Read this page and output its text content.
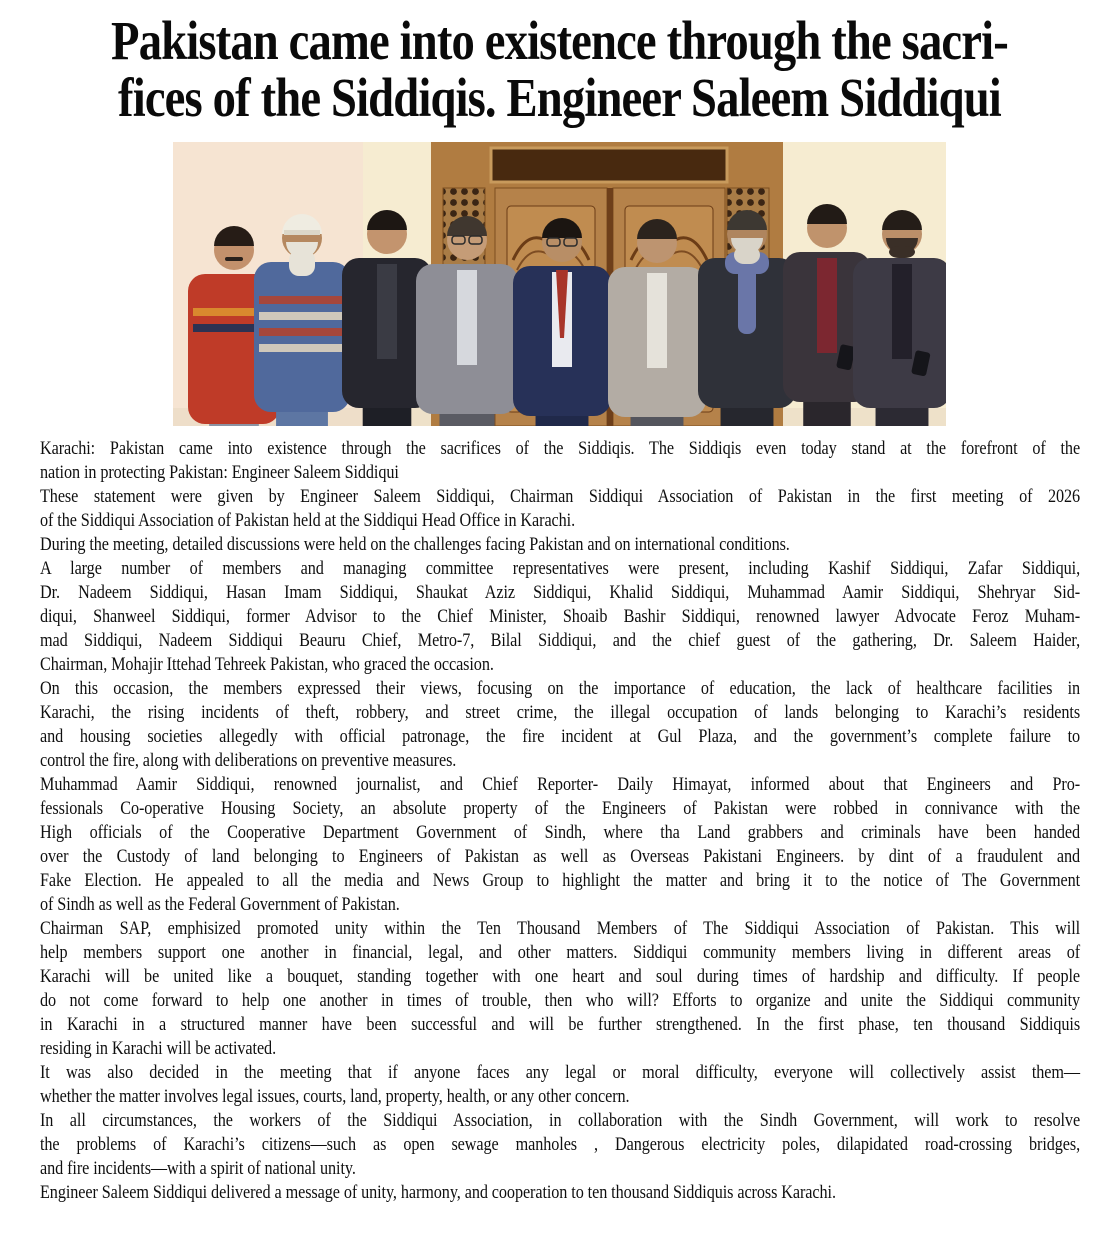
Pakistan came into existence through the sacri-
fices of the Siddiqis. Engineer Saleem Siddiqui
Karachi: Pakistan came into existence through the sacrifices of the Siddiqis. The Siddiqis even today stand at the forefront of the
nation in protecting Pakistan: Engineer Saleem Siddiqui
These statement were given by Engineer Saleem Siddiqui, Chairman Siddiqui Association of Pakistan in the first meeting of 2026
of the Siddiqui Association of Pakistan held at the Siddiqui Head Office in Karachi.
During the meeting, detailed discussions were held on the challenges facing Pakistan and on international conditions.
A large number of members and managing committee representatives were present, including Kashif Siddiqui, Zafar Siddiqui,
Dr. Nadeem Siddiqui, Hasan Imam Siddiqui, Shaukat Aziz Siddiqui, Khalid Siddiqui, Muhammad Aamir Siddiqui, Shehryar Sid-
diqui, Shanweel Siddiqui, former Advisor to the Chief Minister, Shoaib Bashir Siddiqui, renowned lawyer Advocate Feroz Muham-
mad Siddiqui, Nadeem Siddiqui Beauru Chief, Metro-7, Bilal Siddiqui, and the chief guest of the gathering, Dr. Saleem Haider,
Chairman, Mohajir Ittehad Tehreek Pakistan, who graced the occasion.
On this occasion, the members expressed their views, focusing on the importance of education, the lack of healthcare facilities in
Karachi, the rising incidents of theft, robbery, and street crime, the illegal occupation of lands belonging to Karachi’s residents
and housing societies allegedly with official patronage, the fire incident at Gul Plaza, and the government’s complete failure to
control the fire, along with deliberations on preventive measures.
Muhammad Aamir Siddiqui, renowned journalist, and Chief Reporter- Daily Himayat, informed about that Engineers and Pro-
fessionals Co-operative Housing Society, an absolute property of the Engineers of Pakistan were robbed in connivance with the
High officials of the Cooperative Department Government of Sindh, where tha Land grabbers and criminals have been handed
over the Custody of land belonging to Engineers of Pakistan as well as Overseas Pakistani Engineers. by dint of a fraudulent and
Fake Election. He appealed to all the media and News Group to highlight the matter and bring it to the notice of The Government
of Sindh as well as the Federal Government of Pakistan.
Chairman SAP, emphisized promoted unity within the Ten Thousand Members of The Siddiqui Association of Pakistan. This will
help members support one another in financial, legal, and other matters. Siddiqui community members living in different areas of
Karachi will be united like a bouquet, standing together with one heart and soul during times of hardship and difficulty. If people
do not come forward to help one another in times of trouble, then who will? Efforts to organize and unite the Siddiqui community
in Karachi in a structured manner have been successful and will be further strengthened. In the first phase, ten thousand Siddiquis
residing in Karachi will be activated.
It was also decided in the meeting that if anyone faces any legal or moral difficulty, everyone will collectively assist them—
whether the matter involves legal issues, courts, land, property, health, or any other concern.
In all circumstances, the workers of the Siddiqui Association, in collaboration with the Sindh Government, will work to resolve
the problems of Karachi’s citizens—such as open sewage manholes , Dangerous electricity poles, dilapidated road-crossing bridges,
and fire incidents—with a spirit of national unity.
Engineer Saleem Siddiqui delivered a message of unity, harmony, and cooperation to ten thousand Siddiquis across Karachi.
